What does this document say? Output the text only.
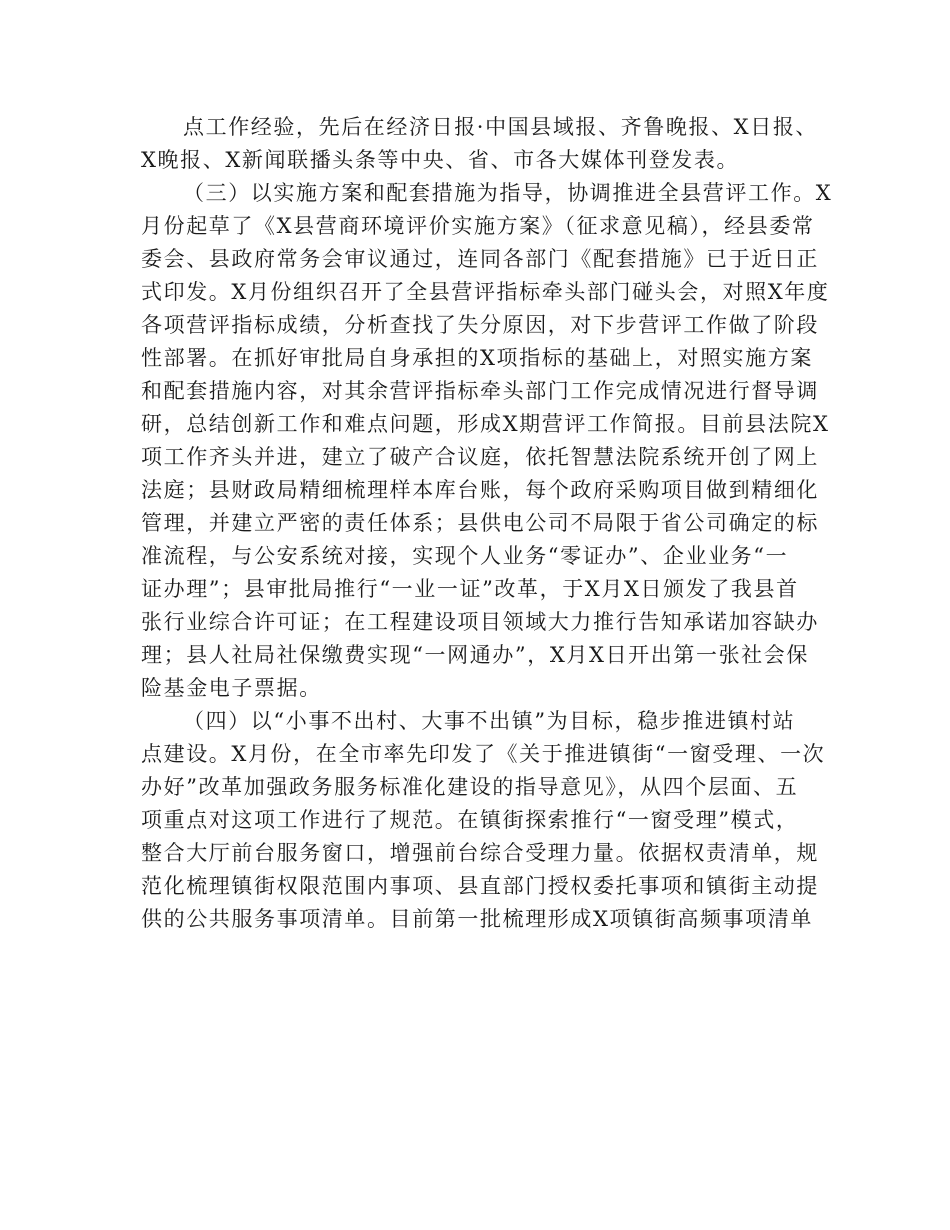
点工作经验，先后在经济日报·中国县域报、齐鲁晚报、X日报、
X晚报、X新闻联播头条等中央、省、市各大媒体刊登发表。
（三）以实施方案和配套措施为指导，协调推进全县营评工作。X
月份起草了《X县营商环境评价实施方案》（征求意见稿），经县委常
委会、县政府常务会审议通过，连同各部门《配套措施》已于近日正
式印发。X月份组织召开了全县营评指标牵头部门碰头会，对照X年度
各项营评指标成绩，分析查找了失分原因，对下步营评工作做了阶段
性部署。在抓好审批局自身承担的X项指标的基础上，对照实施方案
和配套措施内容，对其余营评指标牵头部门工作完成情况进行督导调
研，总结创新工作和难点问题，形成X期营评工作简报。目前县法院X
项工作齐头并进，建立了破产合议庭，依托智慧法院系统开创了网上
法庭；县财政局精细梳理样本库台账，每个政府采购项目做到精细化
管理，并建立严密的责任体系；县供电公司不局限于省公司确定的标
准流程，与公安系统对接，实现个人业务“零证办”、企业业务“一
证办理”；县审批局推行“一业一证”改革，于X月X日颁发了我县首
张行业综合许可证；在工程建设项目领域大力推行告知承诺加容缺办
理；县人社局社保缴费实现“一网通办”，X月X日开出第一张社会保
险基金电子票据。
（四）以“小事不出村、大事不出镇”为目标，稳步推进镇村站
点建设。X月份，在全市率先印发了《关于推进镇街“一窗受理、一次
办好”改革加强政务服务标准化建设的指导意见》，从四个层面、五
项重点对这项工作进行了规范。在镇街探索推行“一窗受理”模式，
整合大厅前台服务窗口，增强前台综合受理力量。依据权责清单，规
范化梳理镇街权限范围内事项、县直部门授权委托事项和镇街主动提
供的公共服务事项清单。目前第一批梳理形成X项镇街高频事项清单
